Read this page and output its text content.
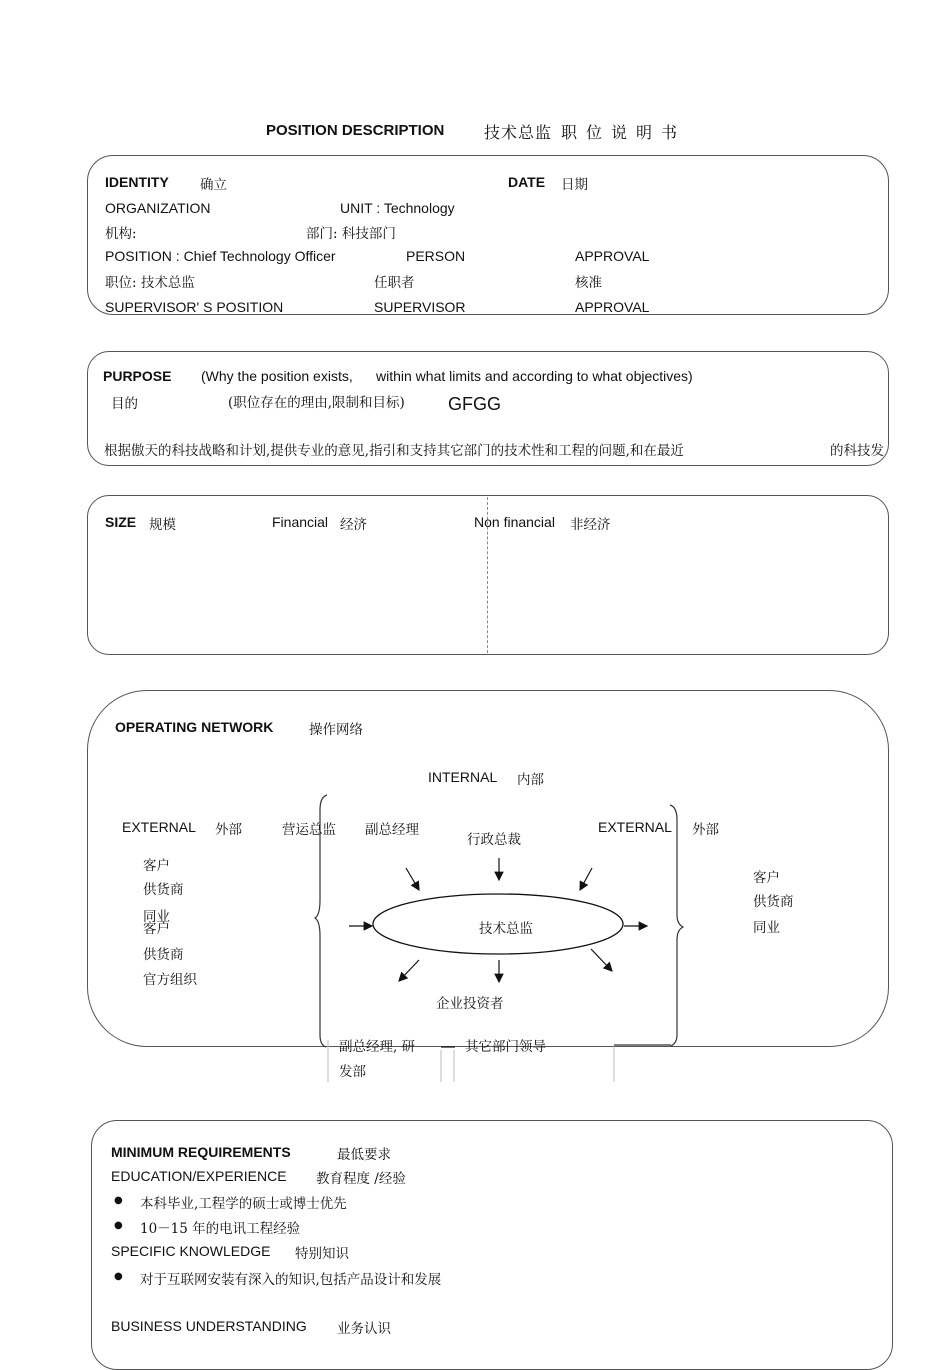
POSITION DESCRIPTION 技术总监 职位说明书
IDENTITY 确立	DATE 日期
ORGANIZATION	UNIT : Technology
机构:	部门: 科技部门
POSITION : Chief Technology Officer	PERSON	APPROVAL
职位: 技术总监	任职者	核准
SUPERVISOR' S POSITION	SUPERVISOR	APPROVAL
PURPOSE (Why the position exists, within what limits and according to what objectives)
目的	(职位存在的理由,限制和目标) GFGG
根据傲天的科技战略和计划,提供专业的意见,指引和支持其它部门的技术性和工程的问题,和在最近	的科技发
SIZE 规模	Financial 经济	Non financial 非经济
OPERATING NETWORK	操作网络
INTERNAL 内部
EXTERNAL 外部	营运总监 副总经理
行政总裁
EXTERNAL 外部
客户
供货商
同业
客户
供货商
官方组织
客户
供货商
同业
技术总监
企业投资者
副总经理, 研
发部
其它部门领导
MINIMUM REQUIREMENTS	最低要求
EDUCATION/EXPERIENCE 教育程度 /经验
● 本科毕业,工程学的硕士或博士优先
● 10－15 年的电讯工程经验
SPECIFIC KNOWLEDGE 特别知识
● 对于互联网安装有深入的知识,包括产品设计和发展
BUSINESS UNDERSTANDING 业务认识
